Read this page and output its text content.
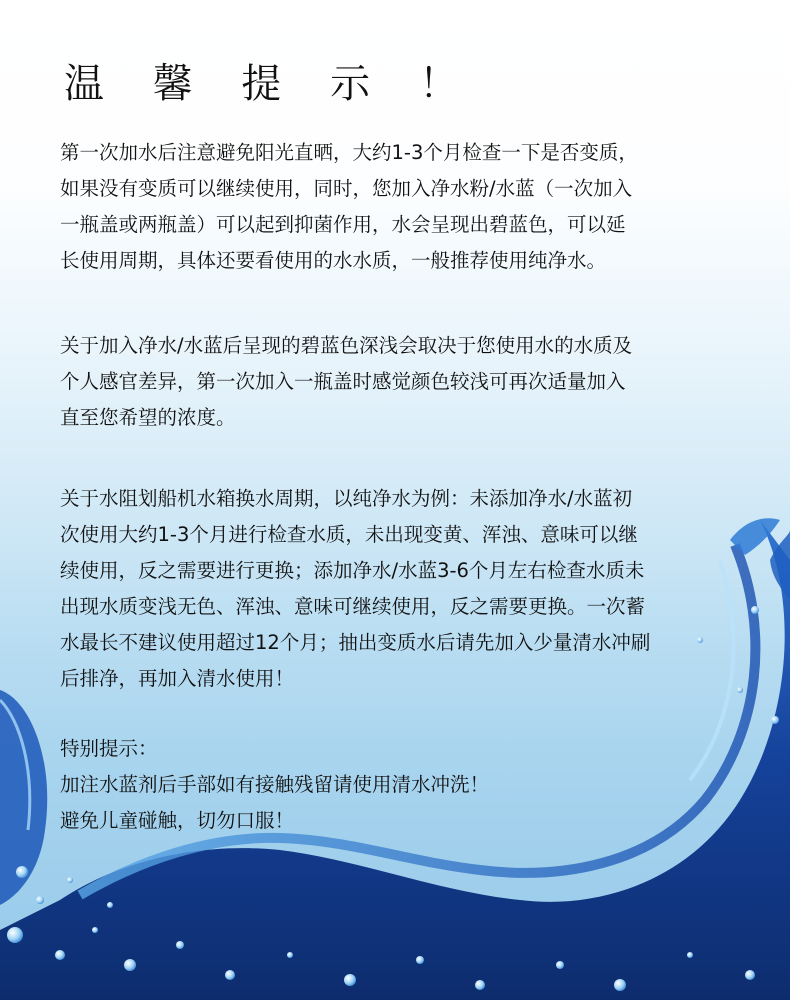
温 馨 提 示 ！

第一次加水后注意避免阳光直晒，大约1-3个月检查一下是否变质，
如果没有变质可以继续使用，同时，您加入净水粉/水蓝（一次加入
一瓶盖或两瓶盖）可以起到抑菌作用，水会呈现出碧蓝色，可以延
长使用周期，具体还要看使用的水水质，一般推荐使用纯净水。

关于加入净水/水蓝后呈现的碧蓝色深浅会取决于您使用水的水质及
个人感官差异，第一次加入一瓶盖时感觉颜色较浅可再次适量加入
直至您希望的浓度。

关于水阻划船机水箱换水周期，以纯净水为例：未添加净水/水蓝初
次使用大约1-3个月进行检查水质，未出现变黄、浑浊、意味可以继
续使用，反之需要进行更换；添加净水/水蓝3-6个月左右检查水质未
出现水质变浅无色、浑浊、意味可继续使用，反之需要更换。一次蓄
水最长不建议使用超过12个月；抽出变质水后请先加入少量清水冲刷
后排净，再加入清水使用！

特别提示：
加注水蓝剂后手部如有接触残留请使用清水冲洗！
避免儿童碰触，切勿口服！
